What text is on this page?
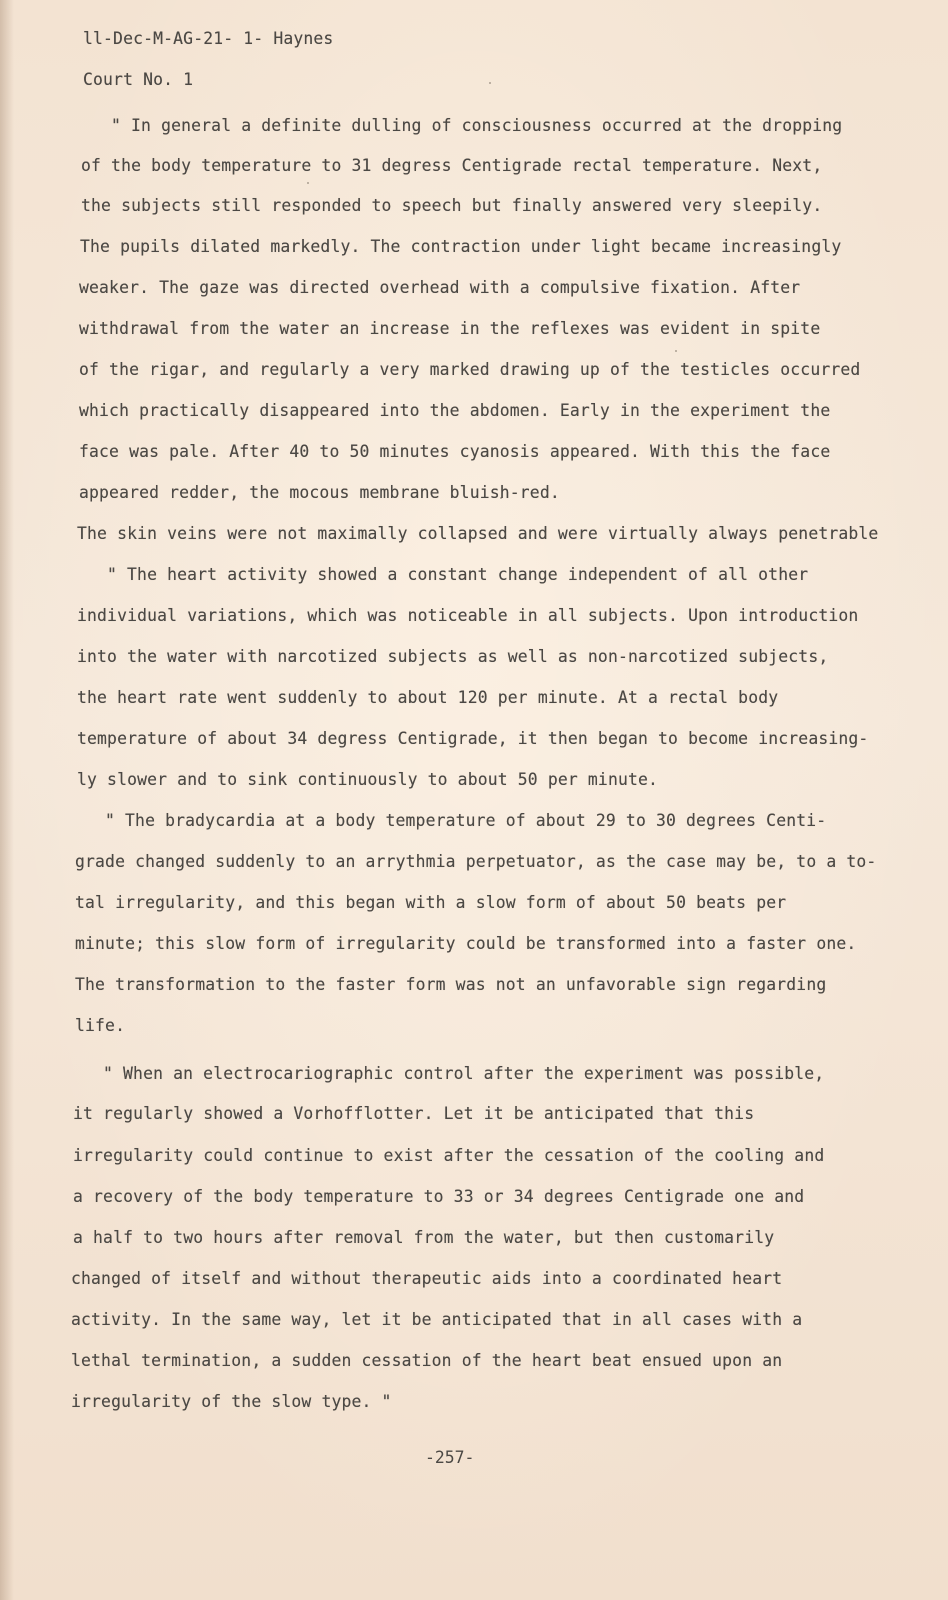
ll-Dec-M-AG-21- 1- Haynes
Court No. 1
" In general a definite dulling of consciousness occurred at the dropping
of the body temperature to 31 degress Centigrade rectal temperature. Next,
the subjects still responded to speech but finally answered very sleepily.
The pupils dilated markedly. The contraction under light became increasingly
weaker. The gaze was directed overhead with a compulsive fixation. After
withdrawal from the water an increase in the reflexes was evident in spite
of the rigar, and regularly a very marked drawing up of the testicles occurred
which practically disappeared into the abdomen. Early in the experiment the
face was pale. After 40 to 50 minutes cyanosis appeared. With this the face
appeared redder, the mocous membrane bluish-red.
The skin veins were not maximally collapsed and were virtually always penetrable
" The heart activity showed a constant change independent of all other
individual variations, which was noticeable in all subjects. Upon introduction
into the water with narcotized subjects as well as non-narcotized subjects,
the heart rate went suddenly to about 120 per minute. At a rectal body
temperature of about 34 degress Centigrade, it then began to become increasing-
ly slower and to sink continuously to about 50 per minute.
" The bradycardia at a body temperature of about 29 to 30 degrees Centi-
grade changed suddenly to an arrythmia perpetuator, as the case may be, to a to-
tal irregularity, and this began with a slow form of about 50 beats per
minute; this slow form of irregularity could be transformed into a faster one.
The transformation to the faster form was not an unfavorable sign regarding
life.
" When an electrocariographic control after the experiment was possible,
it regularly showed a Vorhofflotter. Let it be anticipated that this
irregularity could continue to exist after the cessation of the cooling and
a recovery of the body temperature to 33 or 34 degrees Centigrade one and
a half to two hours after removal from the water, but then customarily
changed of itself and without therapeutic aids into a coordinated heart
activity. In the same way, let it be anticipated that in all cases with a
lethal termination, a sudden cessation of the heart beat ensued upon an
irregularity of the slow type. "
-257-
